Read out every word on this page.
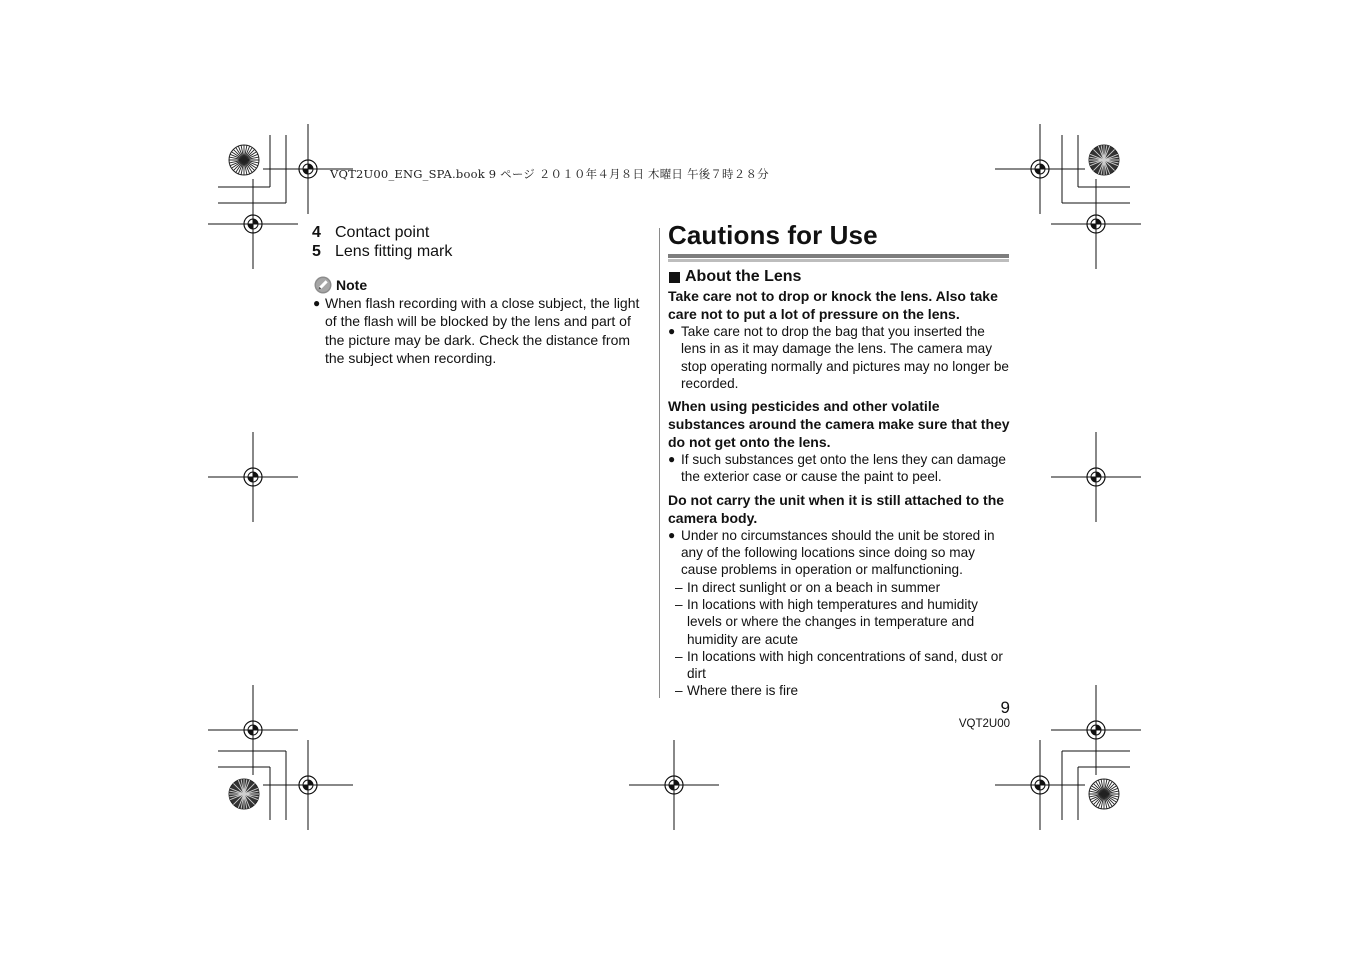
VQT2U00_ENG_SPA.book 9 ページ ２０１０年４月８日 木曜日 午後７時２８分
4 Contact point
5 Lens fitting mark
Note
● When flash recording with a close subject, the light of the flash will be blocked by the lens and part of the picture may be dark. Check the distance from the subject when recording.
Cautions for Use
About the Lens
Take care not to drop or knock the lens. Also take care not to put a lot of pressure on the lens.
● Take care not to drop the bag that you inserted the lens in as it may damage the lens. The camera may stop operating normally and pictures may no longer be recorded.
When using pesticides and other volatile substances around the camera make sure that they do not get onto the lens.
● If such substances get onto the lens they can damage the exterior case or cause the paint to peel.
Do not carry the unit when it is still attached to the camera body.
● Under no circumstances should the unit be stored in any of the following locations since doing so may cause problems in operation or malfunctioning.
– In direct sunlight or on a beach in summer
– In locations with high temperatures and humidity levels or where the changes in temperature and humidity are acute
– In locations with high concentrations of sand, dust or dirt
– Where there is fire
9
VQT2U00
